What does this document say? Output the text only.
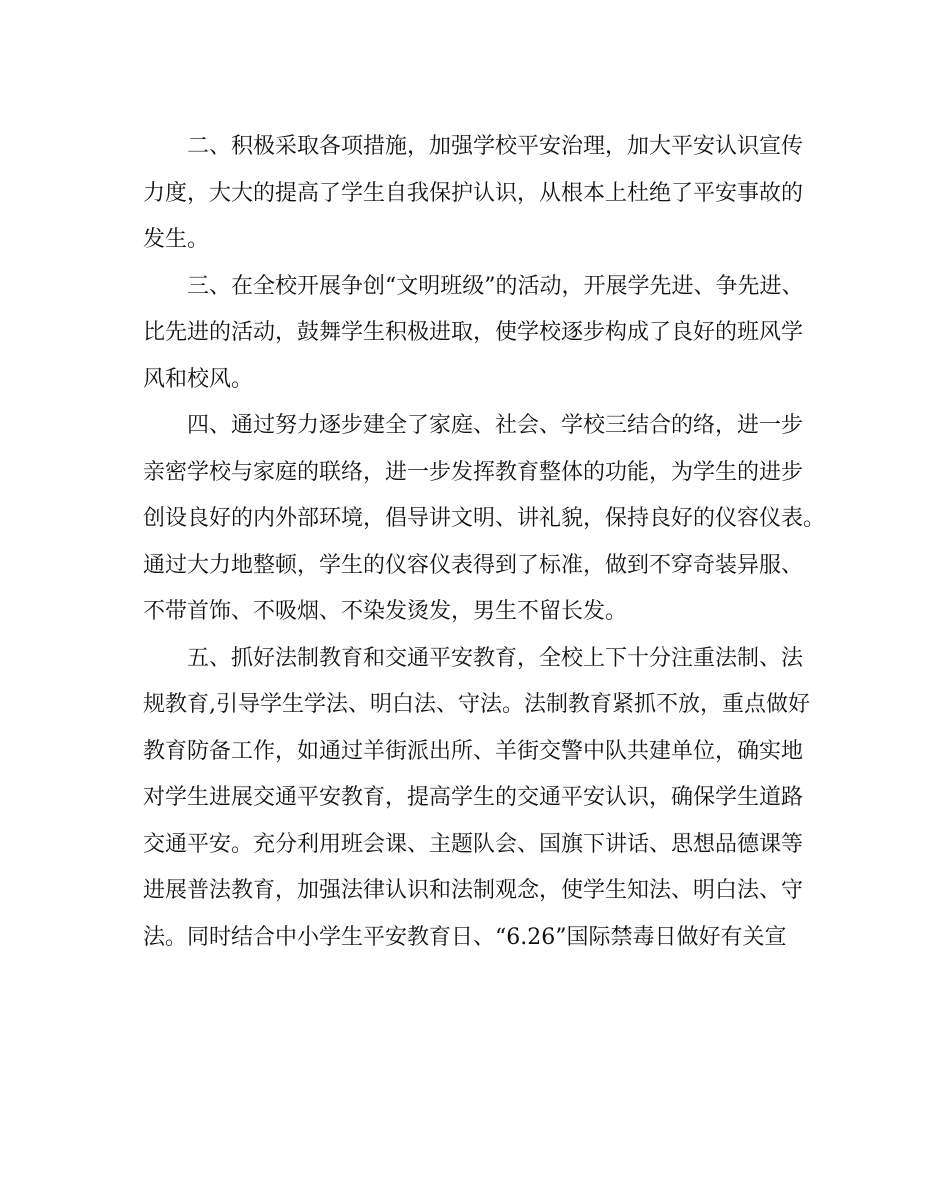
二、积极采取各项措施，加强学校平安治理，加大平安认识宣传
力度，大大的提高了学生自我保护认识，从根本上杜绝了平安事故的
发生。
三、在全校开展争创“文明班级”的活动，开展学先进、争先进、
比先进的活动，鼓舞学生积极进取，使学校逐步构成了良好的班风学
风和校风。
四、通过努力逐步建全了家庭、社会、学校三结合的络，进一步
亲密学校与家庭的联络，进一步发挥教育整体的功能，为学生的进步
创设良好的内外部环境，倡导讲文明、讲礼貌，保持良好的仪容仪表。
通过大力地整顿，学生的仪容仪表得到了标准，做到不穿奇装异服、
不带首饰、不吸烟、不染发烫发，男生不留长发。
五、抓好法制教育和交通平安教育，全校上下十分注重法制、法
规教育,引导学生学法、明白法、守法。法制教育紧抓不放，重点做好
教育防备工作，如通过羊街派出所、羊街交警中队共建单位，确实地
对学生进展交通平安教育，提高学生的交通平安认识，确保学生道路
交通平安。充分利用班会课、主题队会、国旗下讲话、思想品德课等
进展普法教育，加强法律认识和法制观念，使学生知法、明白法、守
法。同时结合中小学生平安教育日、“6.26”国际禁毒日做好有关宣
